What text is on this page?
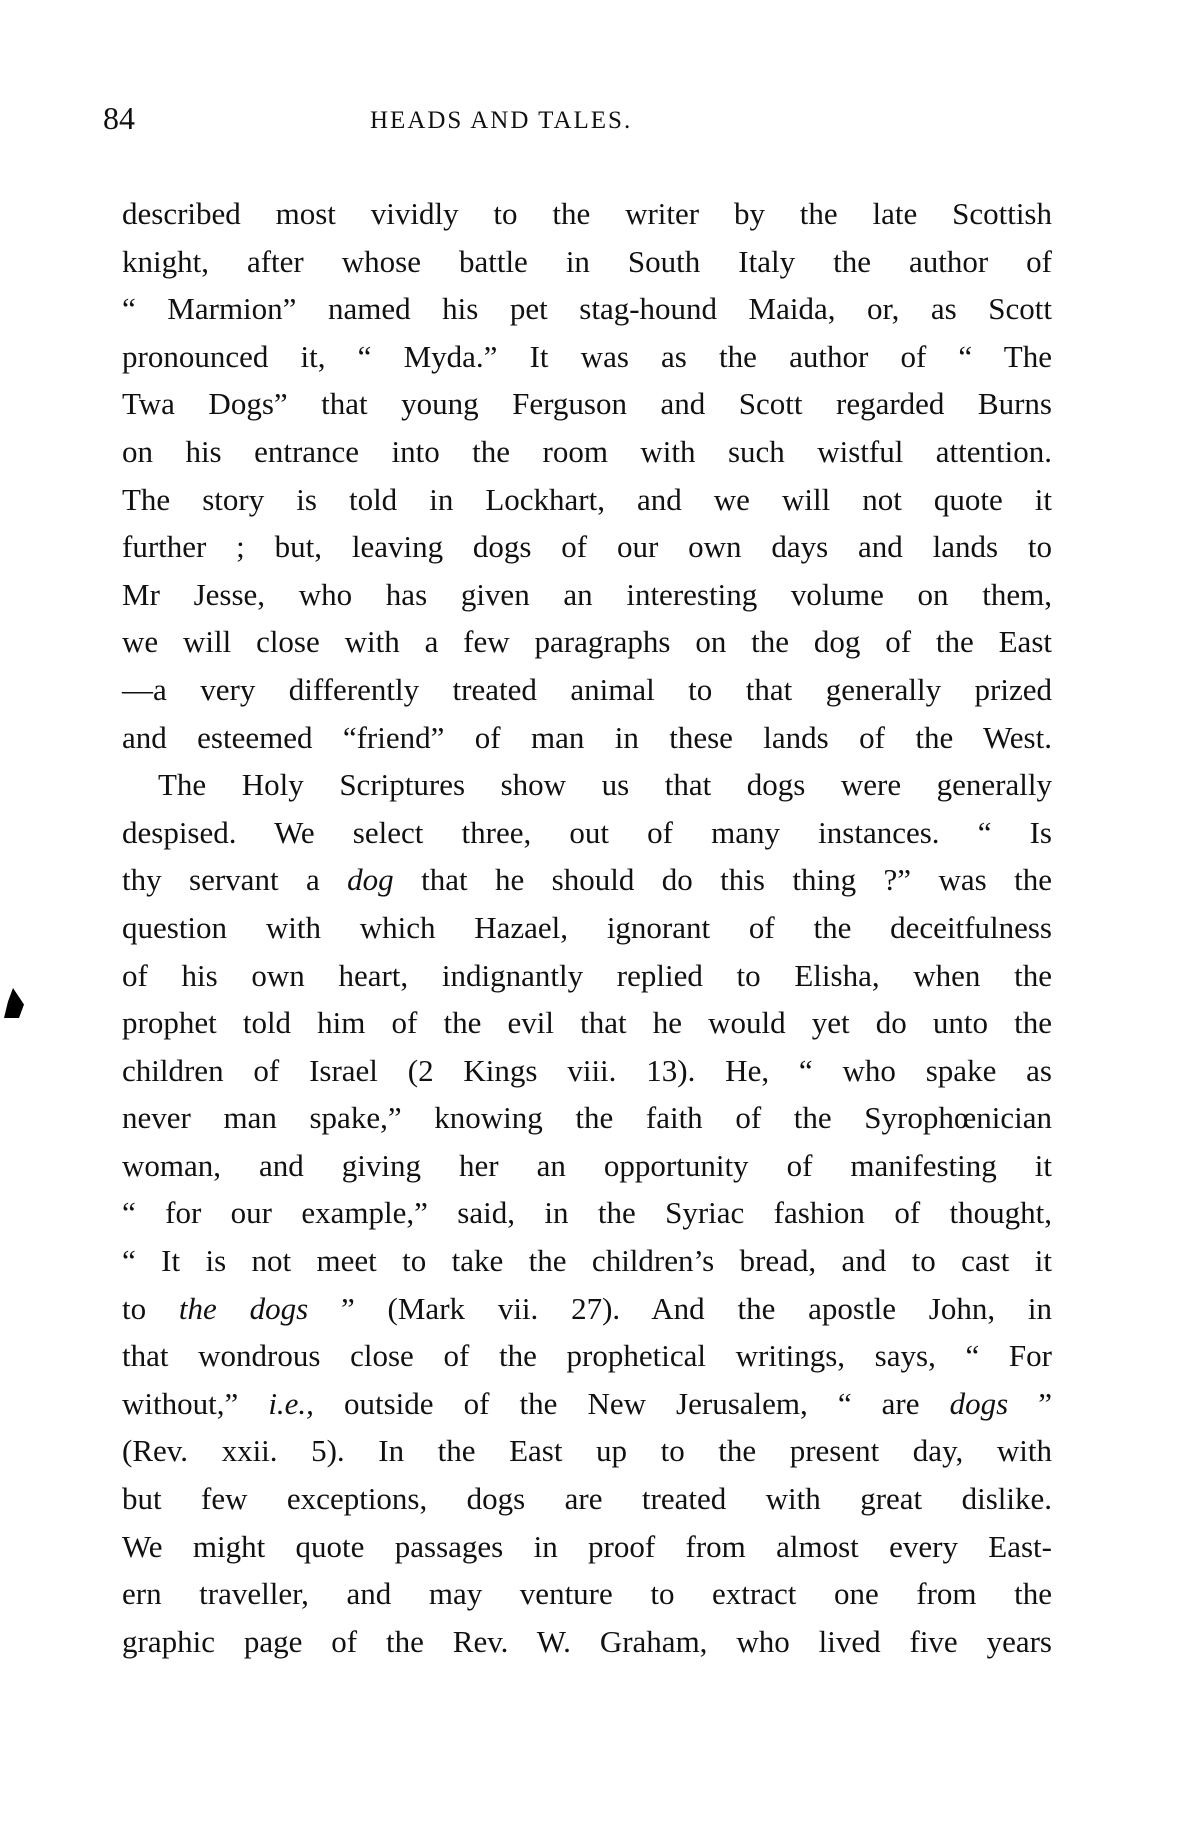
84	HEADS AND TALES.
described most vividly to the writer by the late Scottish
knight, after whose battle in South Italy the author of
“ Marmion” named his pet stag-hound Maida, or, as Scott
pronounced it, “ Myda.” It was as the author of “ The
Twa Dogs” that young Ferguson and Scott regarded Burns
on his entrance into the room with such wistful attention.
The story is told in Lockhart, and we will not quote it
further ; but, leaving dogs of our own days and lands to
Mr Jesse, who has given an interesting volume on them,
we will close with a few paragraphs on the dog of the East
—a very differently treated animal to that generally prized
and esteemed “friend” of man in these lands of the West.
The Holy Scriptures show us that dogs were generally
despised. We select three, out of many instances. “ Is
thy servant a dog that he should do this thing ?” was the
question with which Hazael, ignorant of the deceitfulness
of his own heart, indignantly replied to Elisha, when the
prophet told him of the evil that he would yet do unto the
children of Israel (2 Kings viii. 13). He, “ who spake as
never man spake,” knowing the faith of the Syrophœnician
woman, and giving her an opportunity of manifesting it
“ for our example,” said, in the Syriac fashion of thought,
“ It is not meet to take the children’s bread, and to cast it
to the dogs ” (Mark vii. 27). And the apostle John, in
that wondrous close of the prophetical writings, says, “ For
without,” i.e., outside of the New Jerusalem, “ are dogs ”
(Rev. xxii. 5). In the East up to the present day, with
but few exceptions, dogs are treated with great dislike.
We might quote passages in proof from almost every East-
ern traveller, and may venture to extract one from the
graphic page of the Rev. W. Graham, who lived five years
